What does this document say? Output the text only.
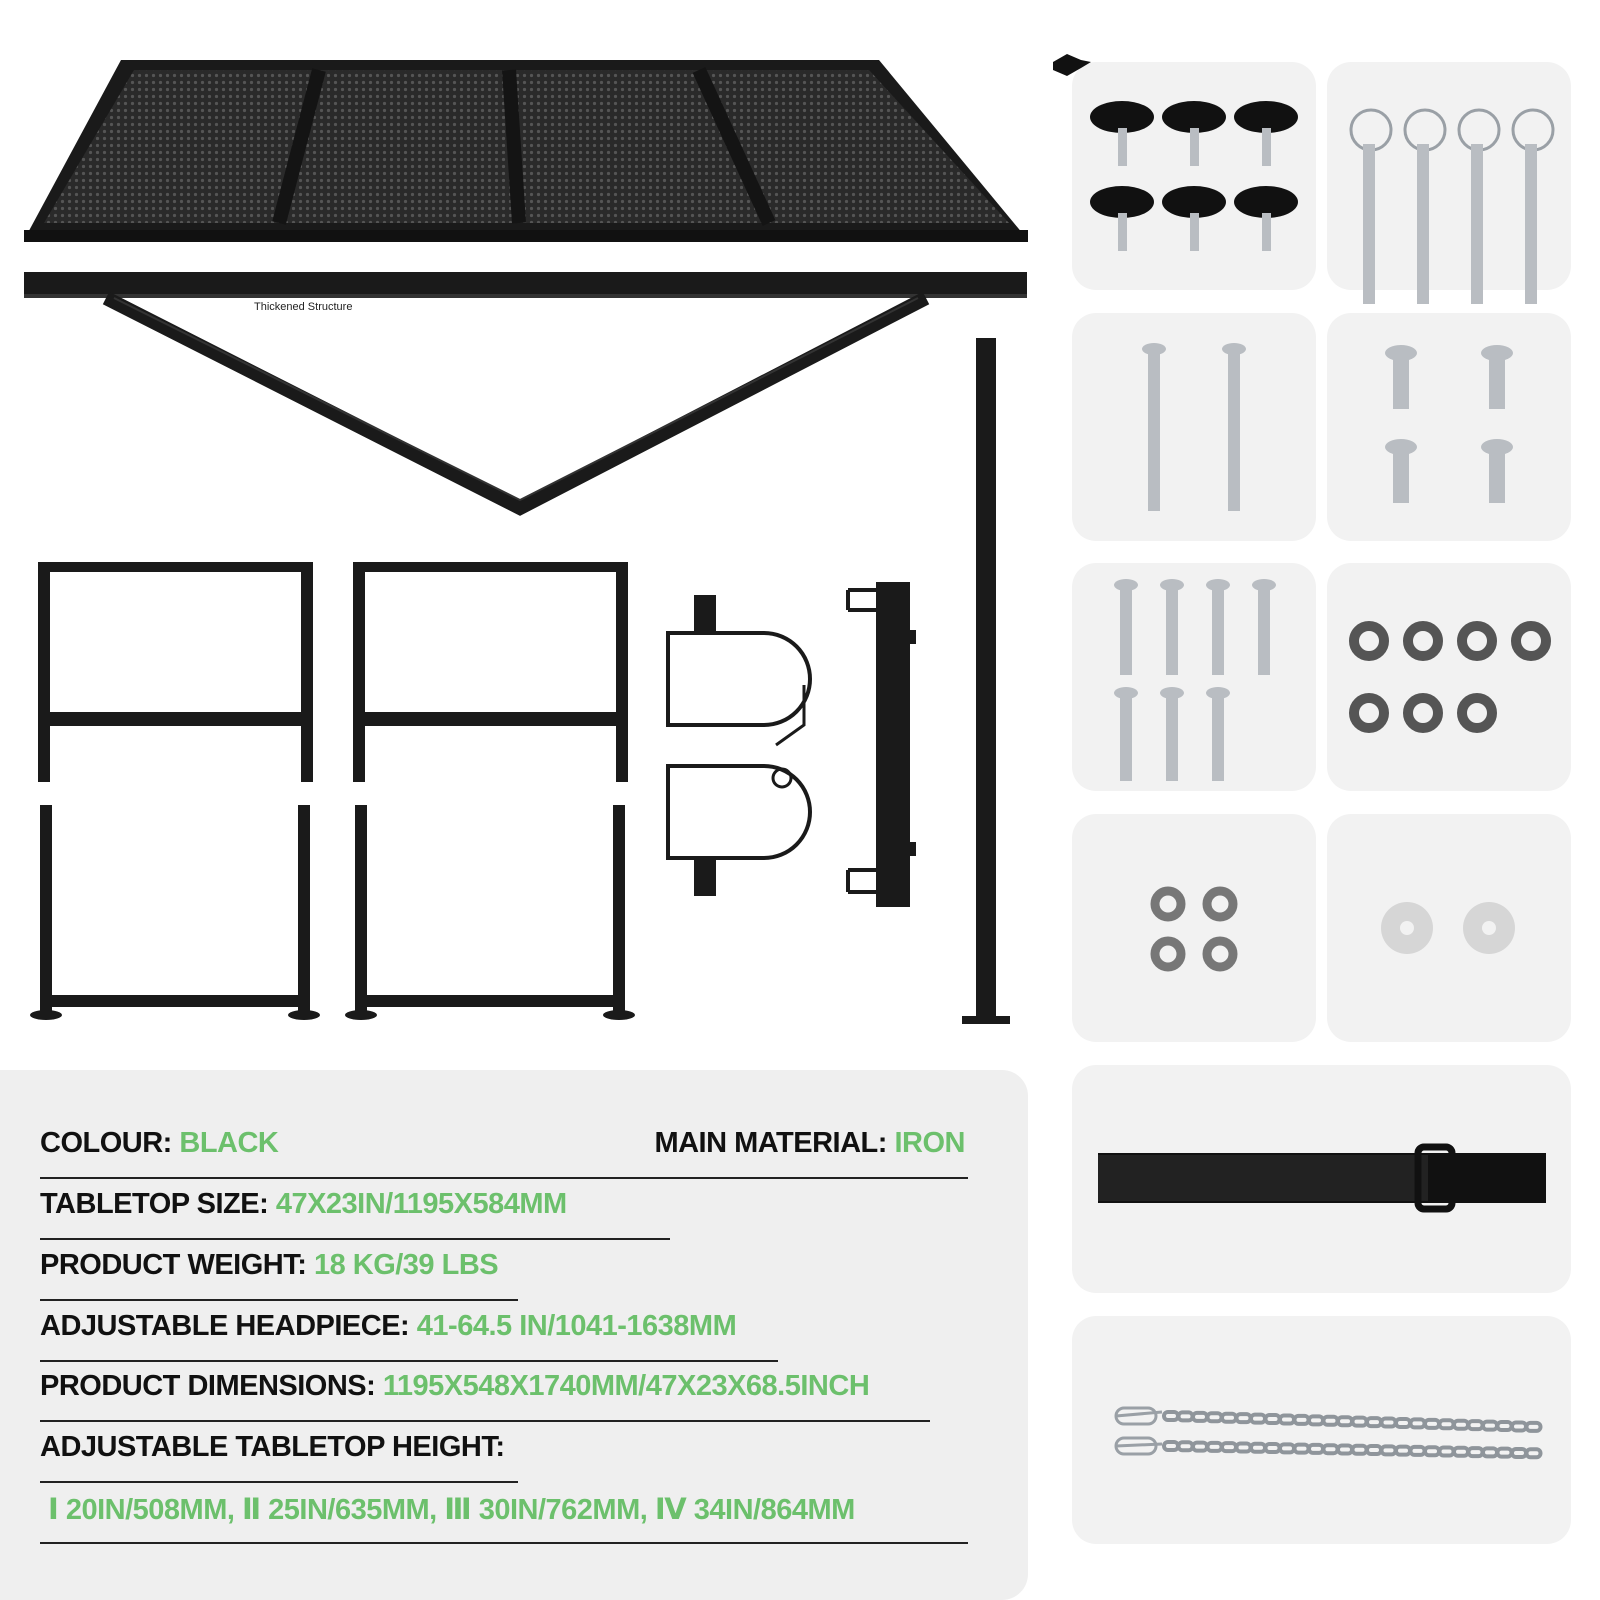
Thickened Structure
COLOUR: BLACK	MAIN MATERIAL: IRON
TABLETOP SIZE: 47X23IN/1195X584MM
PRODUCT WEIGHT: 18 KG/39 LBS
ADJUSTABLE HEADPIECE: 41-64.5 IN/1041-1638MM
PRODUCT DIMENSIONS: 1195X548X1740MM/47X23X68.5INCH
ADJUSTABLE TABLETOP HEIGHT:
Ⅰ 20IN/508MM, Ⅱ 25IN/635MM, Ⅲ 30IN/762MM, Ⅳ 34IN/864MM
